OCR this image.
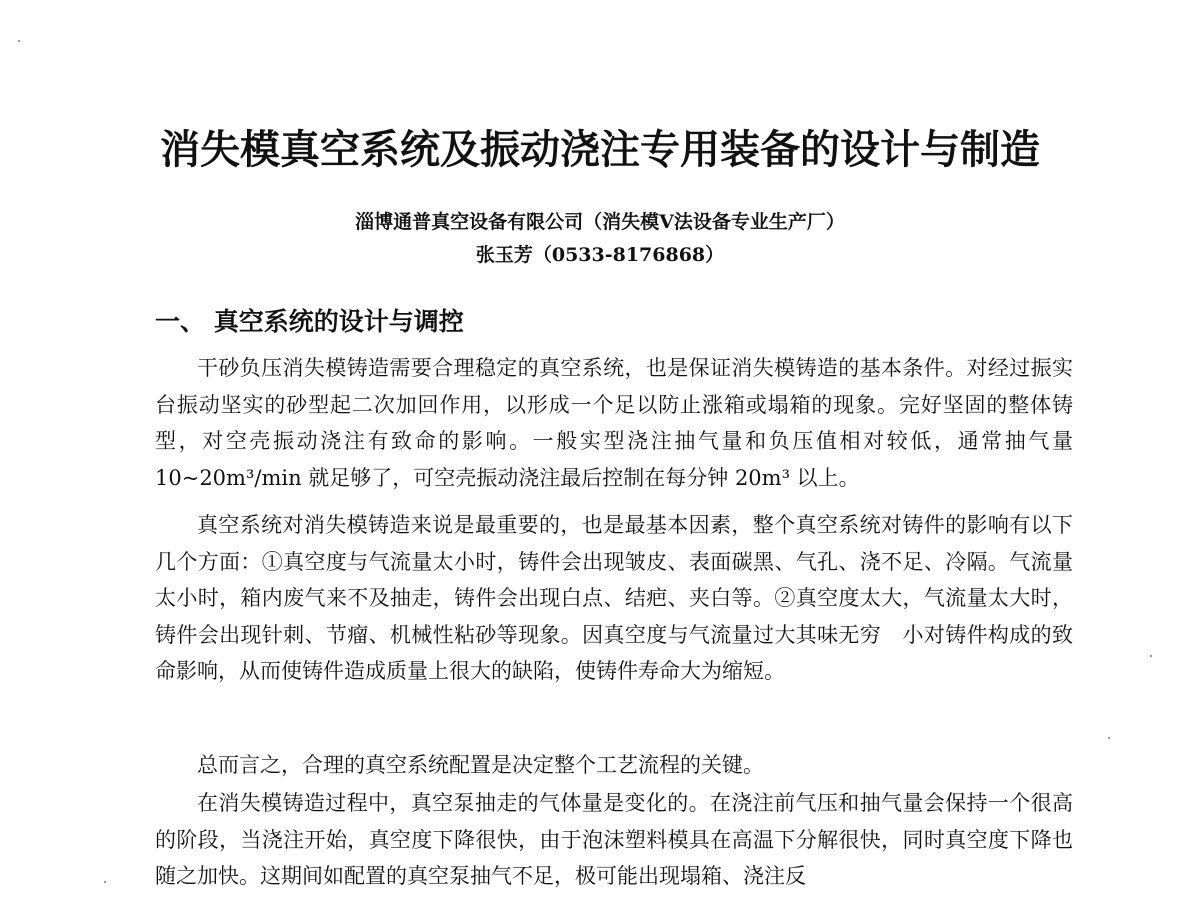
消失模真空系统及振动浇注专用装备的设计与制造
淄博通普真空设备有限公司（消失模V法设备专业生产厂）
张玉芳（0533-8176868）
一、 真空系统的设计与调控

干砂负压消失模铸造需要合理稳定的真空系统，也是保证消失模铸造的基本条件。对经过振实台振动坚实的砂型起二次加回作用，以形成一个足以防止涨箱或塌箱的现象。完好坚固的整体铸型，对空壳振动浇注有致命的影响。一般实型浇注抽气量和负压值相对较低，通常抽气量 10~20m³/min 就足够了，可空壳振动浇注最后控制在每分钟 20m³ 以上。

真空系统对消失模铸造来说是最重要的，也是最基本因素，整个真空系统对铸件的影响有以下几个方面：①真空度与气流量太小时，铸件会出现皱皮、表面碳黑、气孔、浇不足、冷隔。气流量太小时，箱内废气来不及抽走，铸件会出现白点、结疤、夹白等。②真空度太大，气流量太大时，铸件会出现针刺、节瘤、机械性粘砂等现象。因真空度与气流量过大其味无穷　小对铸件构成的致命影响，从而使铸件造成质量上很大的缺陷，使铸件寿命大为缩短。

总而言之，合理的真空系统配置是决定整个工艺流程的关键。

在消失模铸造过程中，真空泵抽走的气体量是变化的。在浇注前气压和抽气量会保持一个很高的阶段，当浇注开始，真空度下降很快，由于泡沫塑料模具在高温下分解很快，同时真空度下降也随之加快。这期间如配置的真空泵抽气不足，极可能出现塌箱、浇注反
